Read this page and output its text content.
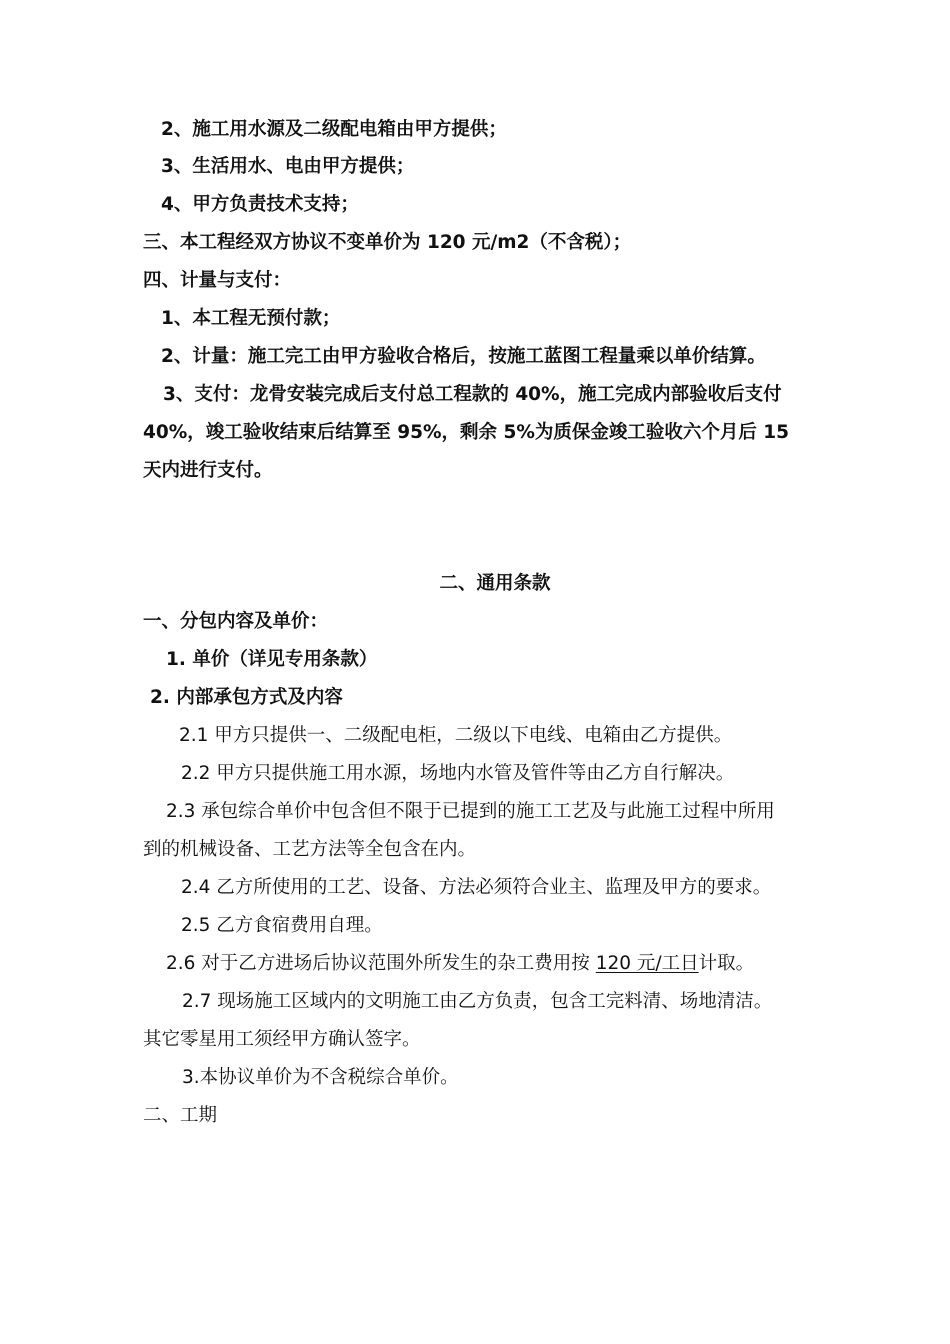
2、施工用水源及二级配电箱由甲方提供；
3、生活用水、电由甲方提供；
4、甲方负责技术支持；
三、本工程经双方协议不变单价为 120 元/m2（不含税）；
四、计量与支付：
1、本工程无预付款；
2、计量：施工完工由甲方验收合格后，按施工蓝图工程量乘以单价结算。
3、支付：龙骨安装完成后支付总工程款的 40%，施工完成内部验收后支付
40%，竣工验收结束后结算至 95%，剩余 5%为质保金竣工验收六个月后 15
天内进行支付。
二、通用条款
一、分包内容及单价：
1. 单价（详见专用条款）
2. 内部承包方式及内容
2.1 甲方只提供一、二级配电柜，二级以下电线、电箱由乙方提供。
2.2 甲方只提供施工用水源，场地内水管及管件等由乙方自行解决。
2.3 承包综合单价中包含但不限于已提到的施工工艺及与此施工过程中所用
到的机械设备、工艺方法等全包含在内。
2.4 乙方所使用的工艺、设备、方法必须符合业主、监理及甲方的要求。
2.5 乙方食宿费用自理。
2.6 对于乙方进场后协议范围外所发生的杂工费用按 120 元/工日计取。
2.7 现场施工区域内的文明施工由乙方负责，包含工完料清、场地清洁。
其它零星用工须经甲方确认签字。
3.本协议单价为不含税综合单价。
二、工期
